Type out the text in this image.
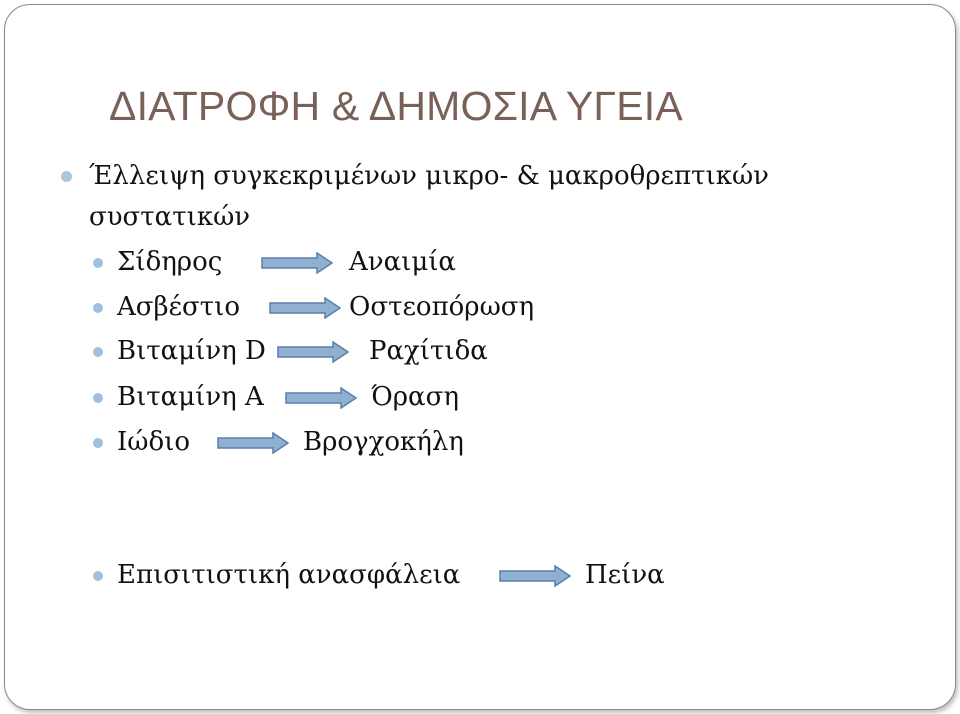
ΔΙΑΤΡΟΦΗ & ΔΗΜΟΣΙΑ ΥΓΕΙΑ
Έλλειψη συγκεκριμένων μικρο- & μακροθρεπτικών συστατικών
Σίδηρος	Αναιμία
Ασβέστιο	Οστεοπόρωση
Βιταμίνη D	Ραχίτιδα
Βιταμίνη Α	Όραση
Ιώδιο	Βρογχοκήλη
Επισιτιστική ανασφάλεια	Πείνα
